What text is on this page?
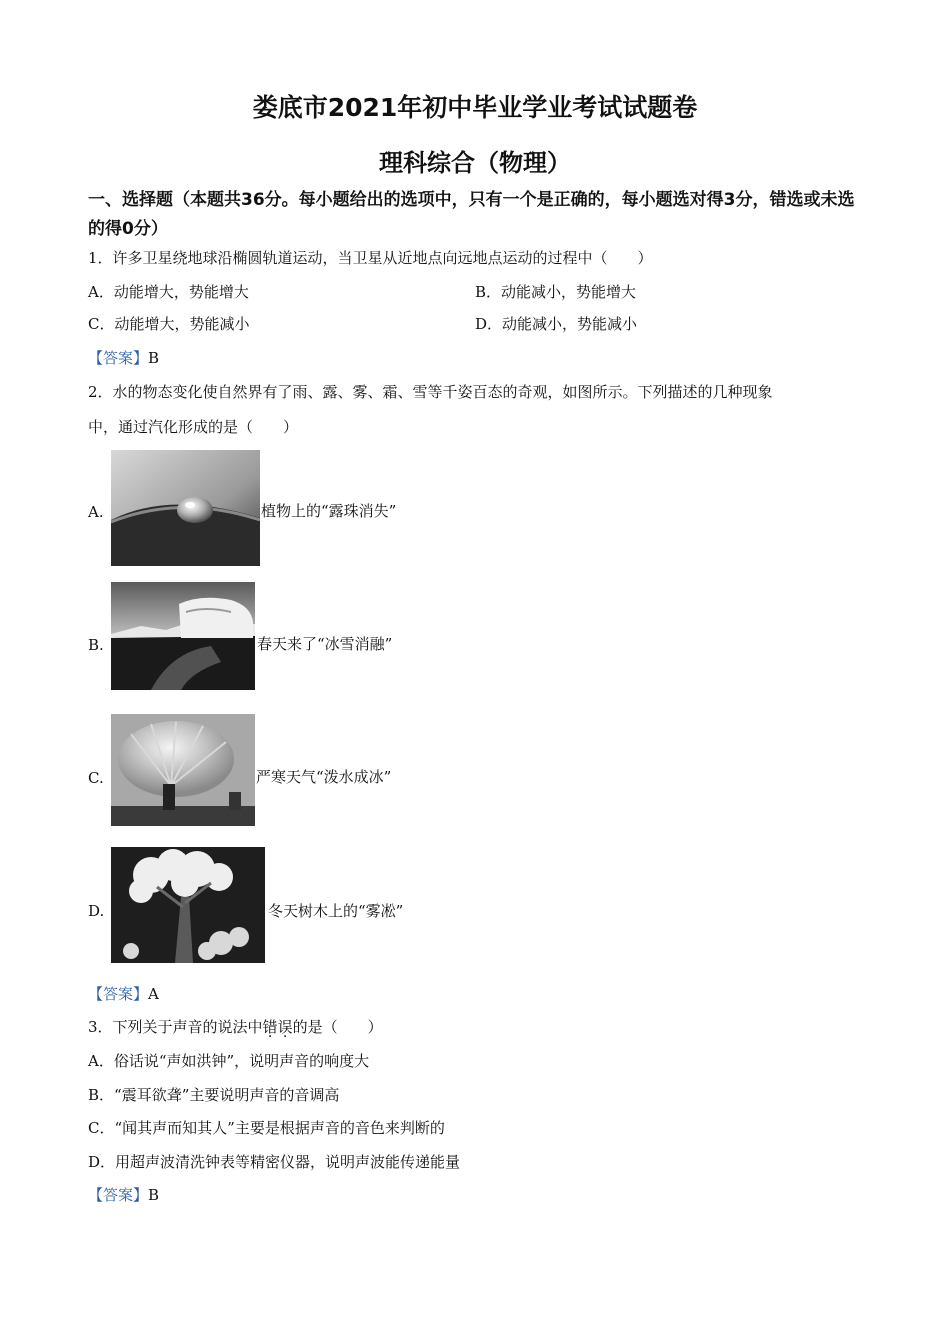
娄底市2021年初中毕业学业考试试题卷
理科综合（物理）
一、选择题（本题共36分。每小题给出的选项中，只有一个是正确的，每小题选对得3分，错选或未选的得0分）
1．许多卫星绕地球沿椭圆轨道运动，当卫星从近地点向远地点运动的过程中（　　）
A．动能增大，势能增大	B．动能减小，势能增大
C．动能增大，势能减小	D．动能减小，势能减小
【答案】B
2．水的物态变化使自然界有了雨、露、雾、霜、雪等千姿百态的奇观，如图所示。下列描述的几种现象
中，通过汽化形成的是（　　）
A.	植物上的“露珠消失”
B.	春天来了“冰雪消融”
C.	严寒天气“泼水成冰”
D.	冬天树木上的“雾凇”
【答案】A
3．下列关于声音的说法中错误的是（　　）
A．俗话说“声如洪钟”，说明声音的响度大
B．“震耳欲聋”主要说明声音的音调高
C．“闻其声而知其人”主要是根据声音的音色来判断的
D．用超声波清洗钟表等精密仪器，说明声波能传递能量
【答案】B
